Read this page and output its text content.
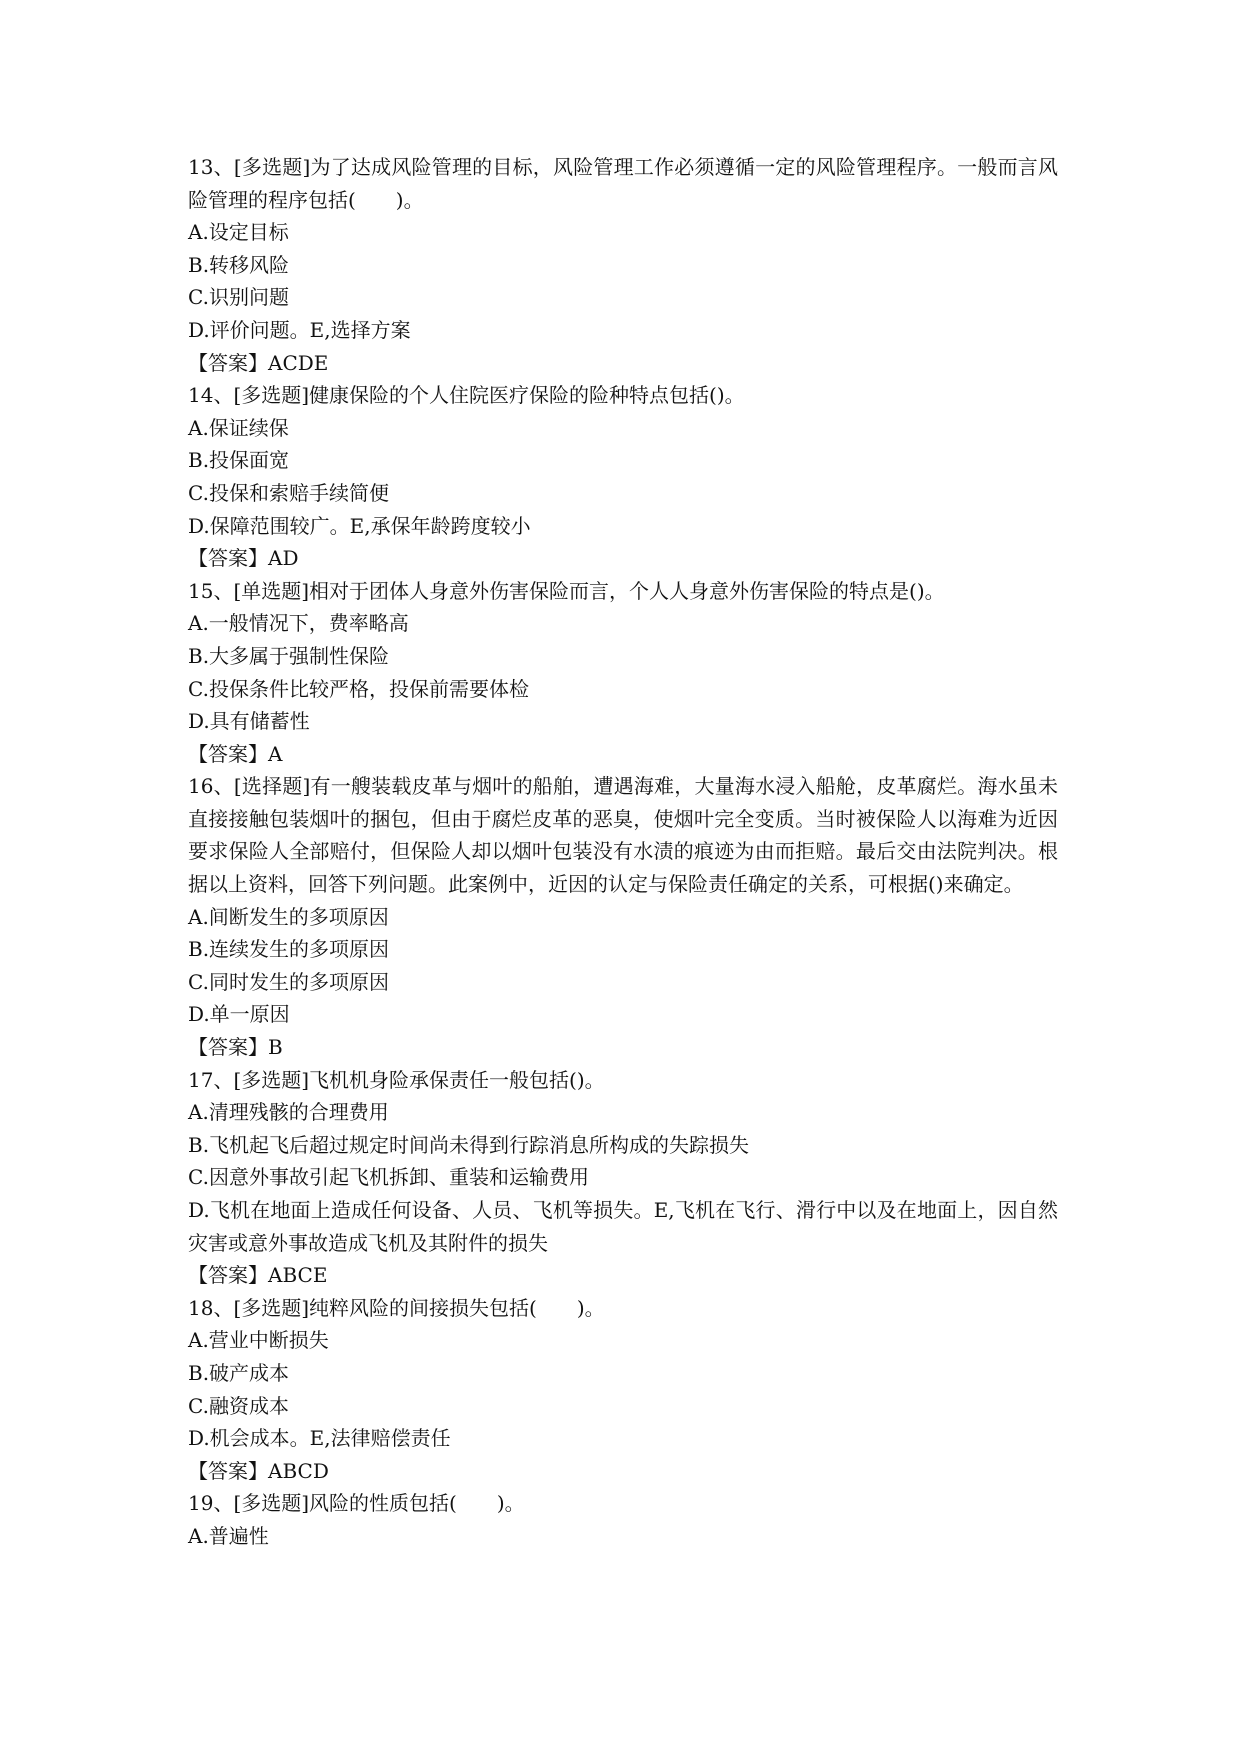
13、[多选题]为了达成风险管理的目标，风险管理工作必须遵循一定的风险管理程序。一般而言风险管理的程序包括(　　)。
A.设定目标
B.转移风险
C.识别问题
D.评价问题。E,选择方案
【答案】ACDE
14、[多选题]健康保险的个人住院医疗保险的险种特点包括()。
A.保证续保
B.投保面宽
C.投保和索赔手续简便
D.保障范围较广。E,承保年龄跨度较小
【答案】AD
15、[单选题]相对于团体人身意外伤害保险而言，个人人身意外伤害保险的特点是()。
A.一般情况下，费率略高
B.大多属于强制性保险
C.投保条件比较严格，投保前需要体检
D.具有储蓄性
【答案】A
16、[选择题]有一艘装载皮革与烟叶的船舶，遭遇海难，大量海水浸入船舱，皮革腐烂。海水虽未直接接触包装烟叶的捆包，但由于腐烂皮革的恶臭，使烟叶完全变质。当时被保险人以海难为近因要求保险人全部赔付，但保险人却以烟叶包装没有水渍的痕迹为由而拒赔。最后交由法院判决。根据以上资料，回答下列问题。此案例中，近因的认定与保险责任确定的关系，可根据()来确定。
A.间断发生的多项原因
B.连续发生的多项原因
C.同时发生的多项原因
D.单一原因
【答案】B
17、[多选题]飞机机身险承保责任一般包括()。
A.清理残骸的合理费用
B.飞机起飞后超过规定时间尚未得到行踪消息所构成的失踪损失
C.因意外事故引起飞机拆卸、重装和运输费用
D.飞机在地面上造成任何设备、人员、飞机等损失。E,飞机在飞行、滑行中以及在地面上，因自然灾害或意外事故造成飞机及其附件的损失
【答案】ABCE
18、[多选题]纯粹风险的间接损失包括(　　)。
A.营业中断损失
B.破产成本
C.融资成本
D.机会成本。E,法律赔偿责任
【答案】ABCD
19、[多选题]风险的性质包括(　　)。
A.普遍性
